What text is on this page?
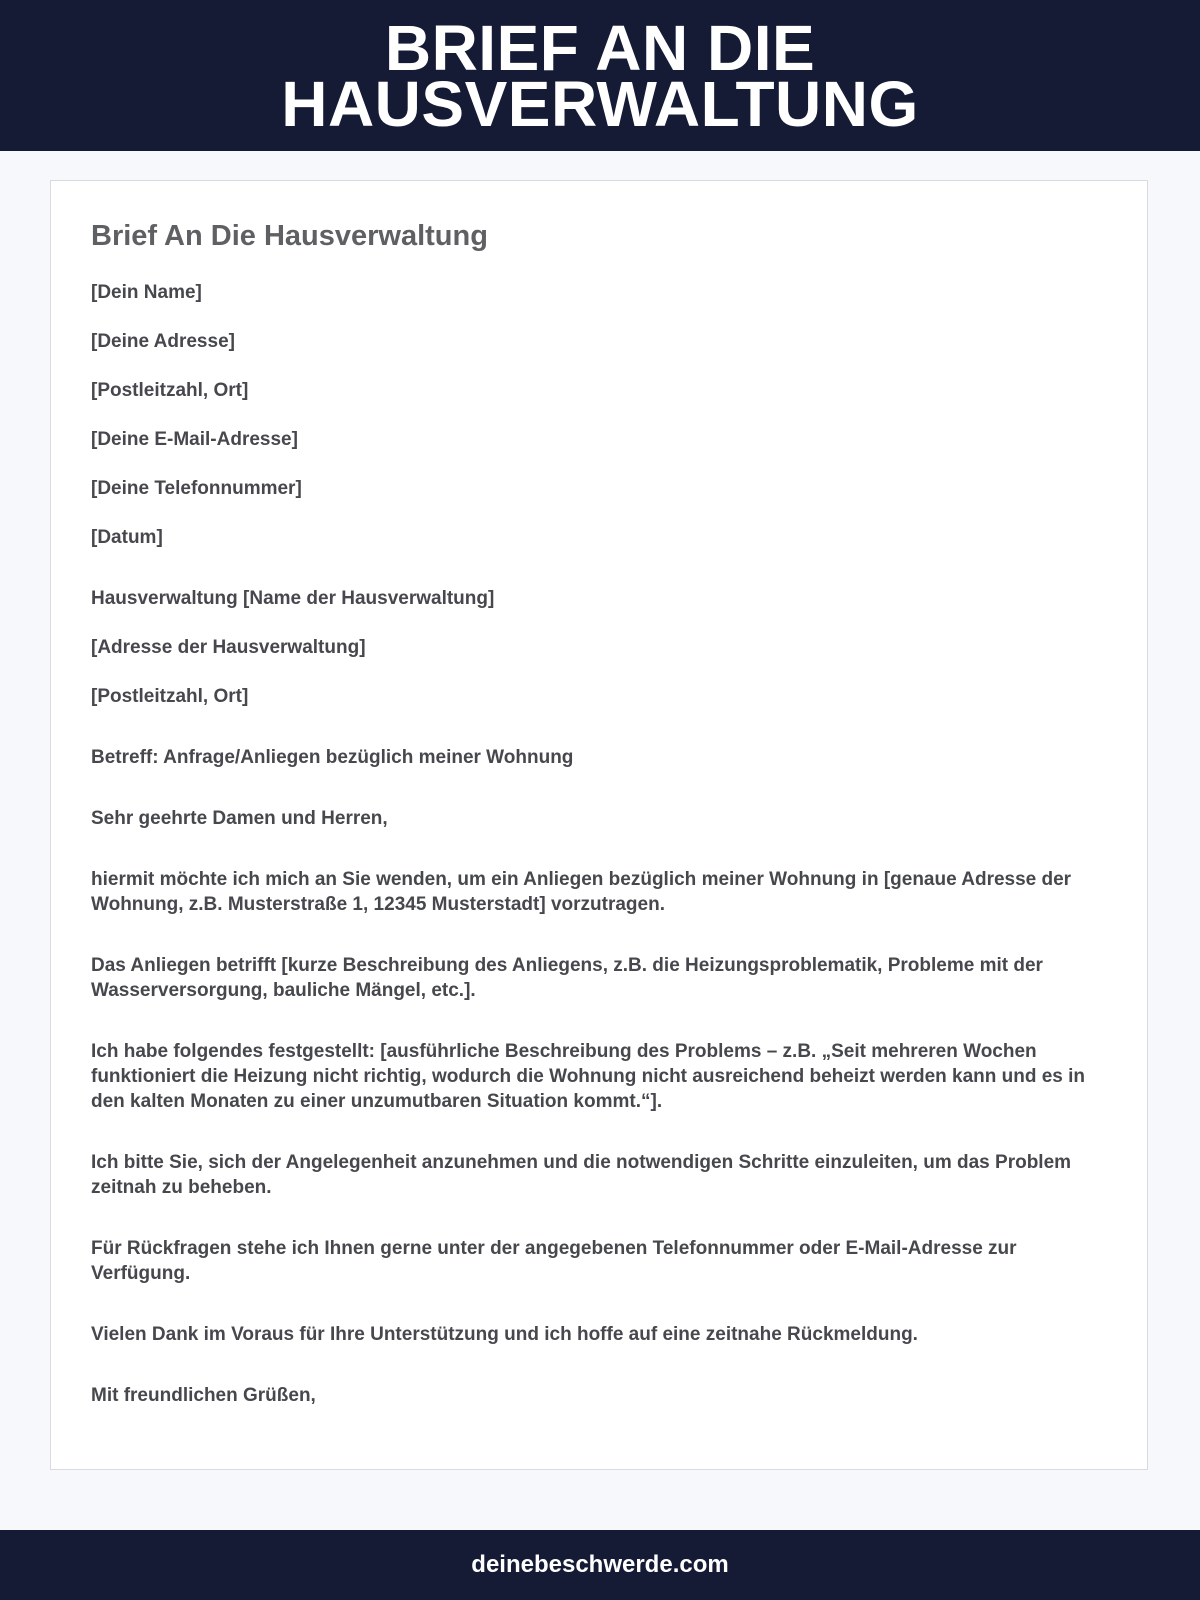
BRIEF AN DIE HAUSVERWALTUNG
Brief An Die Hausverwaltung

[Dein Name]

[Deine Adresse]

[Postleitzahl, Ort]

[Deine E-Mail-Adresse]

[Deine Telefonnummer]

[Datum]

Hausverwaltung [Name der Hausverwaltung]

[Adresse der Hausverwaltung]

[Postleitzahl, Ort]

Betreff: Anfrage/Anliegen bezüglich meiner Wohnung

Sehr geehrte Damen und Herren,

hiermit möchte ich mich an Sie wenden, um ein Anliegen bezüglich meiner Wohnung in [genaue Adresse der Wohnung, z.B. Musterstraße 1, 12345 Musterstadt] vorzutragen.

Das Anliegen betrifft [kurze Beschreibung des Anliegens, z.B. die Heizungsproblematik, Probleme mit der Wasserversorgung, bauliche Mängel, etc.].

Ich habe folgendes festgestellt: [ausführliche Beschreibung des Problems – z.B. „Seit mehreren Wochen funktioniert die Heizung nicht richtig, wodurch die Wohnung nicht ausreichend beheizt werden kann und es in den kalten Monaten zu einer unzumutbaren Situation kommt.“].

Ich bitte Sie, sich der Angelegenheit anzunehmen und die notwendigen Schritte einzuleiten, um das Problem zeitnah zu beheben.

Für Rückfragen stehe ich Ihnen gerne unter der angegebenen Telefonnummer oder E-Mail-Adresse zur Verfügung.

Vielen Dank im Voraus für Ihre Unterstützung und ich hoffe auf eine zeitnahe Rückmeldung.

Mit freundlichen Grüßen,

deinebeschwerde.com
